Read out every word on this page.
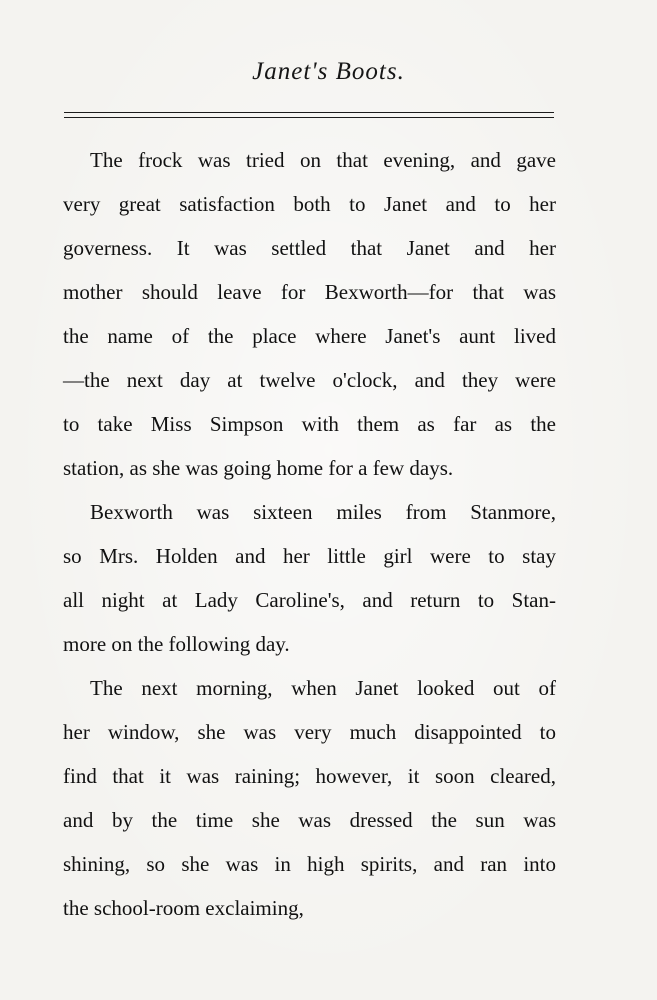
Janet's Boots.
The frock was tried on that evening, and gave
very great satisfaction both to Janet and to her
governess. It was settled that Janet and her
mother should leave for Bexworth—for that was
the name of the place where Janet's aunt lived
—the next day at twelve o'clock, and they were
to take Miss Simpson with them as far as the
station, as she was going home for a few days.
Bexworth was sixteen miles from Stanmore,
so Mrs. Holden and her little girl were to stay
all night at Lady Caroline's, and return to Stan-
more on the following day.
The next morning, when Janet looked out of
her window, she was very much disappointed to
find that it was raining; however, it soon cleared,
and by the time she was dressed the sun was
shining, so she was in high spirits, and ran into
the school-room exclaiming,
